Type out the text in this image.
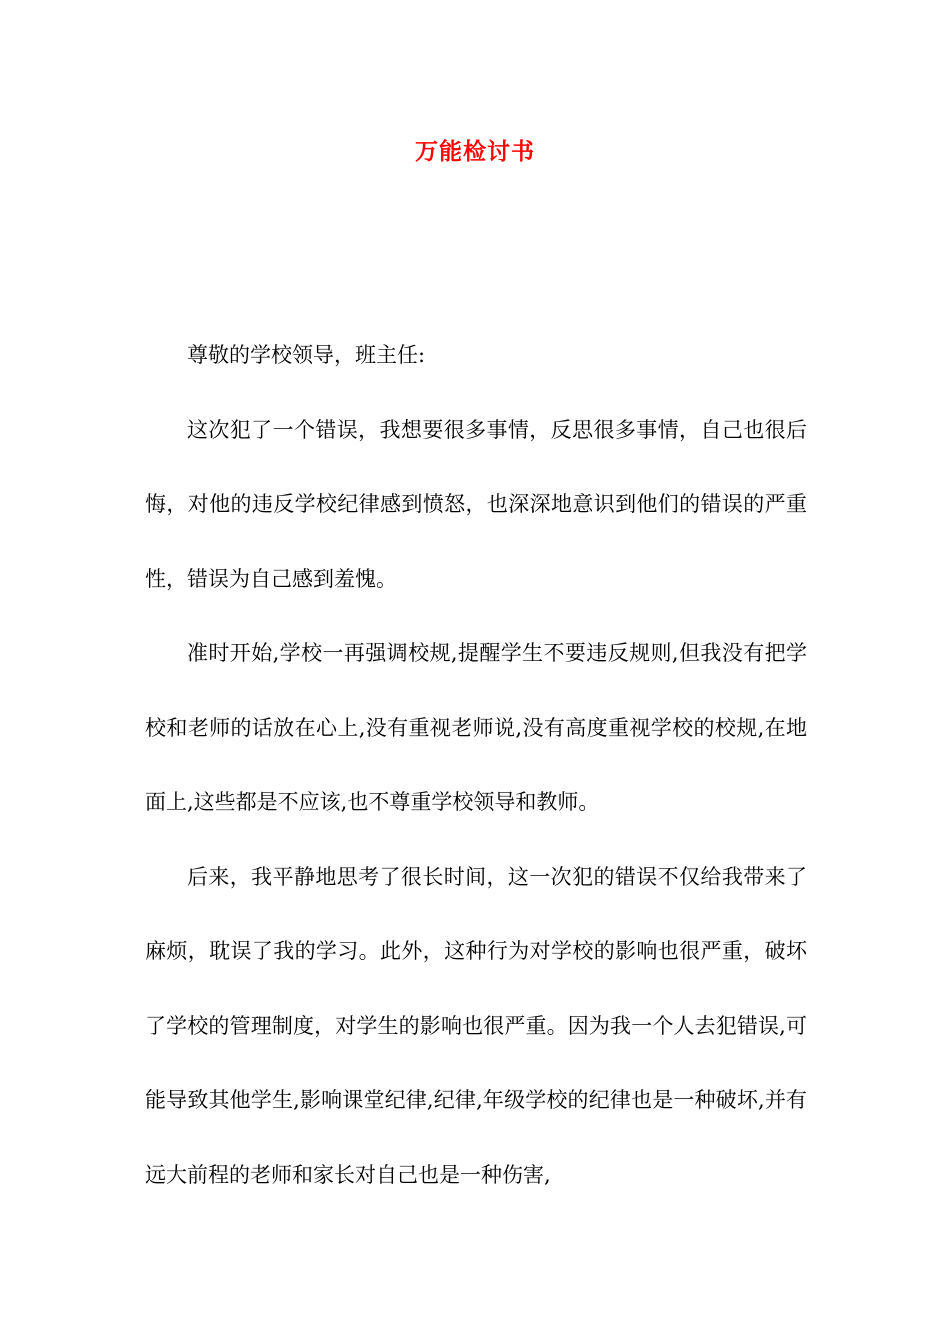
万能检讨书

尊敬的学校领导，班主任:

这次犯了一个错误，我想要很多事情，反思很多事情，自己也很后悔，对他的违反学校纪律感到愤怒，也深深地意识到他们的错误的严重性，错误为自己感到羞愧。

准时开始,学校一再强调校规,提醒学生不要违反规则,但我没有把学校和老师的话放在心上,没有重视老师说,没有高度重视学校的校规,在地面上,这些都是不应该,也不尊重学校领导和教师。

后来，我平静地思考了很长时间，这一次犯的错误不仅给我带来了麻烦，耽误了我的学习。此外，这种行为对学校的影响也很严重，破坏了学校的管理制度，对学生的影响也很严重。因为我一个人去犯错误,可能导致其他学生,影响课堂纪律,纪律,年级学校的纪律也是一种破坏,并有远大前程的老师和家长对自己也是一种伤害,
